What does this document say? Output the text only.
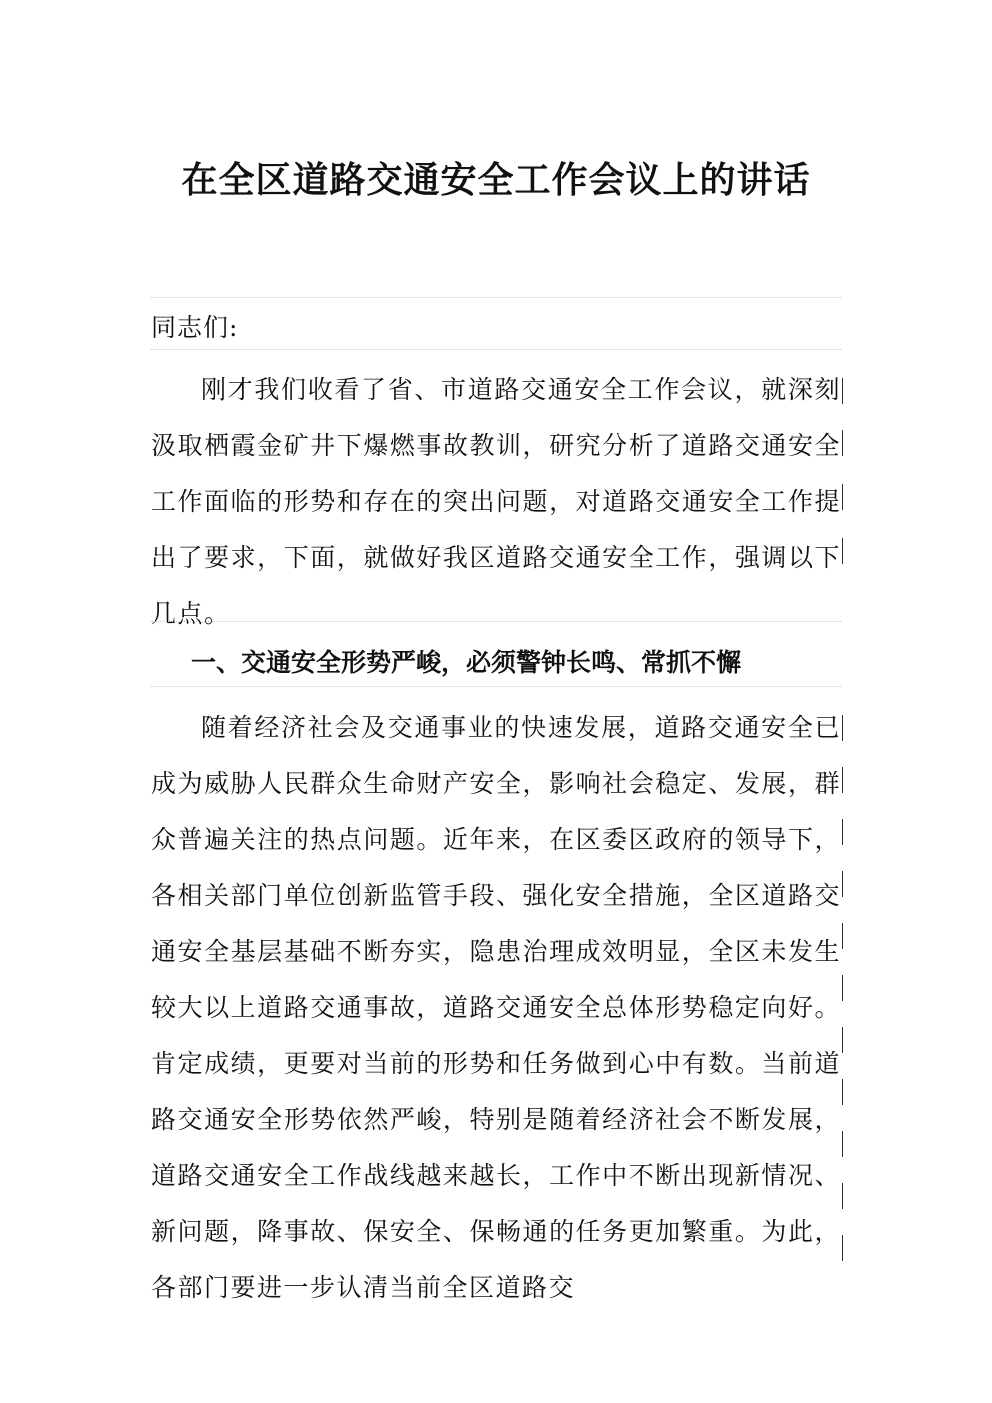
在全区道路交通安全工作会议上的讲话

同志们:

刚才我们收看了省、市道路交通安全工作会议，就深刻汲取栖霞金矿井下爆燃事故教训，研究分析了道路交通安全工作面临的形势和存在的突出问题，对道路交通安全工作提出了要求，下面，就做好我区道路交通安全工作，强调以下几点。

一、交通安全形势严峻，必须警钟长鸣、常抓不懈

随着经济社会及交通事业的快速发展，道路交通安全已成为威胁人民群众生命财产安全，影响社会稳定、发展，群众普遍关注的热点问题。近年来，在区委区政府的领导下，各相关部门单位创新监管手段、强化安全措施，全区道路交通安全基层基础不断夯实，隐患治理成效明显，全区未发生较大以上道路交通事故，道路交通安全总体形势稳定向好。肯定成绩，更要对当前的形势和任务做到心中有数。当前道路交通安全形势依然严峻，特别是随着经济社会不断发展，道路交通安全工作战线越来越长，工作中不断出现新情况、新问题，降事故、保安全、保畅通的任务更加繁重。为此，各部门要进一步认清当前全区道路交
